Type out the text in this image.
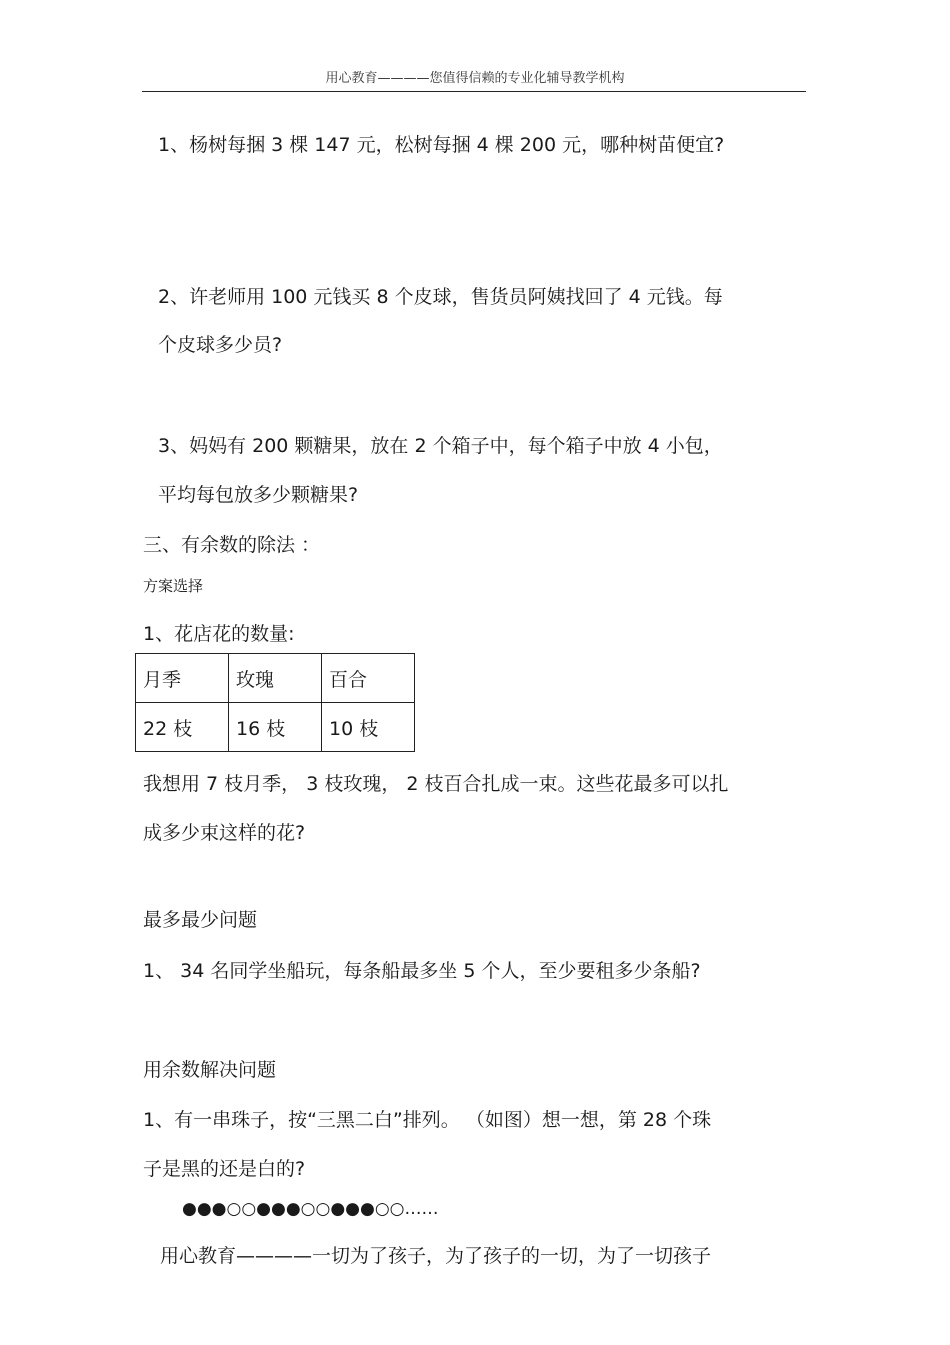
用心教育————您值得信赖的专业化辅导教学机构
1、杨树每捆 3 棵 147 元，松树每捆 4 棵 200 元，哪种树苗便宜?
2、许老师用 100 元钱买 8 个皮球，售货员阿姨找回了 4 元钱。每
个皮球多少员?
3、妈妈有 200 颗糖果，放在 2 个箱子中，每个箱子中放 4 小包，
平均每包放多少颗糖果?
三、有余数的除法 ：
方案选择
1、花店花的数量:
月季	玫瑰	百合
22 枝	16 枝	10 枝
我想用 7 枝月季， 3 枝玫瑰， 2 枝百合扎成一束。这些花最多可以扎
成多少束这样的花?
最多最少问题
1、 34 名同学坐船玩，每条船最多坐 5 个人，至少要租多少条船?
用余数解决问题
1、有一串珠子，按“三黑二白”排列。 （如图）想一想，第 28 个珠
子是黑的还是白的?
●●●○○●●●○○●●●○○……
用心教育————一切为了孩子，为了孩子的一切，为了一切孩子
